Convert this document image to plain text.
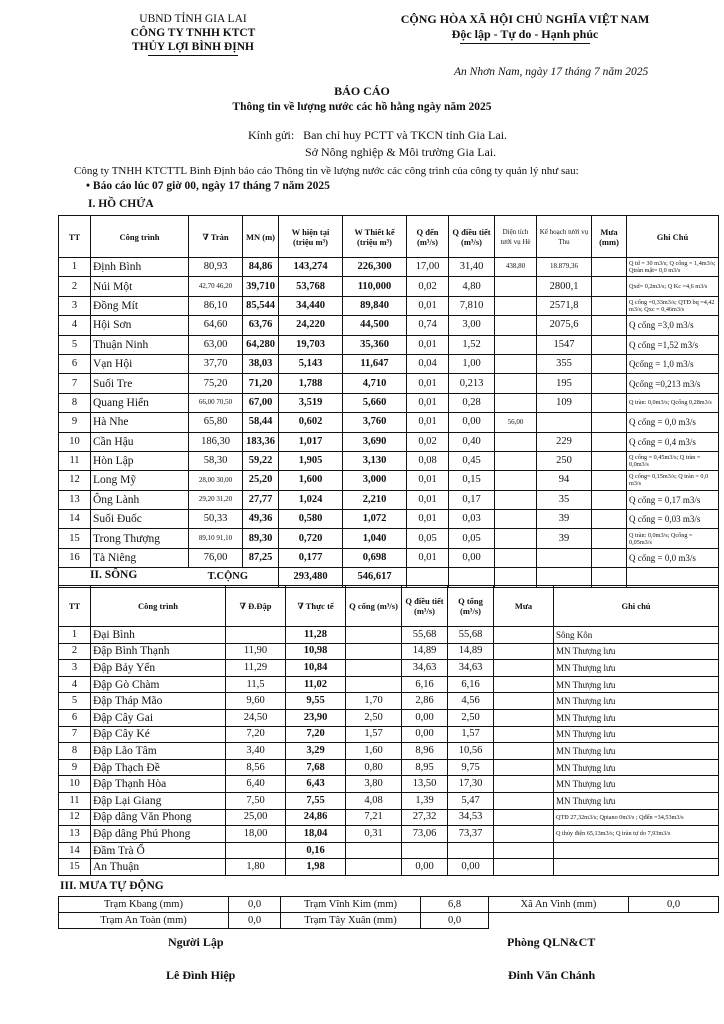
UBND TỈNH GIA LAI
CÔNG TY TNHH KTCT
THỦY LỢI BÌNH ĐỊNH
CỘNG HÒA XÃ HỘI CHỦ NGHĨA VIỆT NAM
Độc lập - Tự do - Hạnh phúc
An Nhơn Nam, ngày 17 tháng 7 năm 2025
BÁO CÁO
Thông tin về lượng nước các hồ hằng ngày năm 2025
Kính gửi: Ban chỉ huy PCTT và TKCN tỉnh Gia Lai.
Sở Nông nghiệp & Môi trường Gia Lai.
Công ty TNHH KTCTTL Bình Định báo cáo Thông tin về lượng nước các công trình của công ty quản lý như sau:
• Báo cáo lúc 07 giờ 00, ngày 17 tháng 7 năm 2025
I. HỒ CHỨA
TT	Công trình	∇ Tràn	MN (m)	W hiện tại (triệu m³)	W Thiết kế (triệu m³)	Q đến (m³/s)	Q điều tiết (m³/s)	Diện tích tưới vụ Hè	Kế hoạch tưới vụ Thu	Mưa (mm)	Ghi Chú
1	Định Bình	80,93	84,86	143,274	226,300	17,00	31,40	438,80	18.879,36		Q td = 30 m3/s; Q cống = 1,4m3/s; Qtràn mặt= 0,0 m3/s
2	Núi Một	42,70 46,20	39,710	53,768	110,000	0,02	4,80		2800,1		Qxd= 0,2m3/s; Q Kc =4,6 m3/s
3	Đồng Mít	86,10	85,544	34,440	89,840	0,01	7,810		2571,8		Q cống =0,33m3/s; QTĐ bq =4,42 m3/s; Qxc = 0,46m3/s
4	Hội Sơn	64,60	63,76	24,220	44,500	0,74	3,00		2075,6		Q cống =3,0 m3/s
5	Thuận Ninh	63,00	64,280	19,703	35,360	0,01	1,52		1547		Q cống =1,52 m3/s
6	Vạn Hội	37,70	38,03	5,143	11,647	0,04	1,00		355		Qcống = 1,0 m3/s
7	Suối Tre	75,20	71,20	1,788	4,710	0,01	0,213		195		Qcống =0,213 m3/s
8	Quang Hiển	66,00 70,50	67,00	3,519	5,660	0,01	0,28		109		Q tràn: 0,0m3/s; Qcống 0,28m3/s
9	Hà Nhe	65,80	58,44	0,602	3,760	0,01	0,00	56,00			Q cống = 0,0 m3/s
10	Cần Hậu	186,30	183,36	1,017	3,690	0,02	0,40		229		Q cống = 0,4 m3/s
11	Hòn Lập	58,30	59,22	1,905	3,130	0,08	0,45		250		Q cống = 0,45m3/s; Q tràn = 0,0m3/s
12	Long Mỹ	28,00 30,00	25,20	1,600	3,000	0,01	0,15		94		Q cống= 0,15m3/s; Q tràn = 0,0 m3/s
13	Ông Lành	29,20 31,20	27,77	1,024	2,210	0,01	0,17		35		Q cống = 0,17 m3/s
14	Suối Đuốc	50,33	49,36	0,580	1,072	0,01	0,03		39		Q cống = 0,03 m3/s
15	Trong Thượng	89,10 91,10	89,30	0,720	1,040	0,05	0,05		39		Q tràn: 0,0m3/s; Qcống = 0,05m3/s
16	Tà Niêng	76,00	87,25	0,177	0,698	0,01	0,00				Q cống = 0,0 m3/s
T.CỘNG				293,480	546,617						
II. SÔNG
TT	Công trình	∇ Đ.Đập	∇ Thực tế	Q cống (m³/s)	Q điều tiết (m³/s)	Q tổng (m³/s)	Mưa	Ghi chú
1	Đại Bình		11,28		55,68	55,68		Sông Kôn
2	Đập Bình Thạnh	11,90	10,98		14,89	14,89		MN Thượng lưu
3	Đập Bảy Yển	11,29	10,84		34,63	34,63		MN Thượng lưu
4	Đập Gò Chàm	11,5	11,02		6,16	6,16		MN Thượng lưu
5	Đập Tháp Mão	9,60	9,55	1,70	2,86	4,56		MN Thượng lưu
6	Đập Cây Gai	24,50	23,90	2,50	0,00	2,50		MN Thượng lưu
7	Đập Cây Ké	7,20	7,20	1,57	0,00	1,57		MN Thượng lưu
8	Đập Lão Tâm	3,40	3,29	1,60	8,96	10,56		MN Thượng lưu
9	Đập Thạch Đề	8,56	7,68	0,80	8,95	9,75		MN Thượng lưu
10	Đập Thạnh Hòa	6,40	6,43	3,80	13,50	17,30		MN Thượng lưu
11	Đập Lại Giang	7,50	7,55	4,08	1,39	5,47		MN Thượng lưu
12	Đập dâng Văn Phong	25,00	24,86	7,21	27,32	34,53		QTĐ 27,32m3/s; Qpiano 0m3/s ; Qđến =34,53m3/s
13	Đập dâng Phú Phong	18,00	18,04	0,31	73,06	73,37		Q thủy điện 65,13m3/s; Q tràn tự do 7,93m3/s
14	Đầm Trà Ổ		0,16					
15	An Thuận	1,80	1,98		0,00	0,00		
III. MƯA TỰ ĐỘNG
Trạm Kbang (mm)	0,0	Trạm Vĩnh Kim (mm)	6,8	Xã An Vinh (mm)	0,0
Trạm An Toàn (mm)	0,0	Trạm Tây Xuân (mm)	0,0		
Người Lập
Lê Đình Hiệp
Phòng QLN&CT
Đinh Văn Chánh
